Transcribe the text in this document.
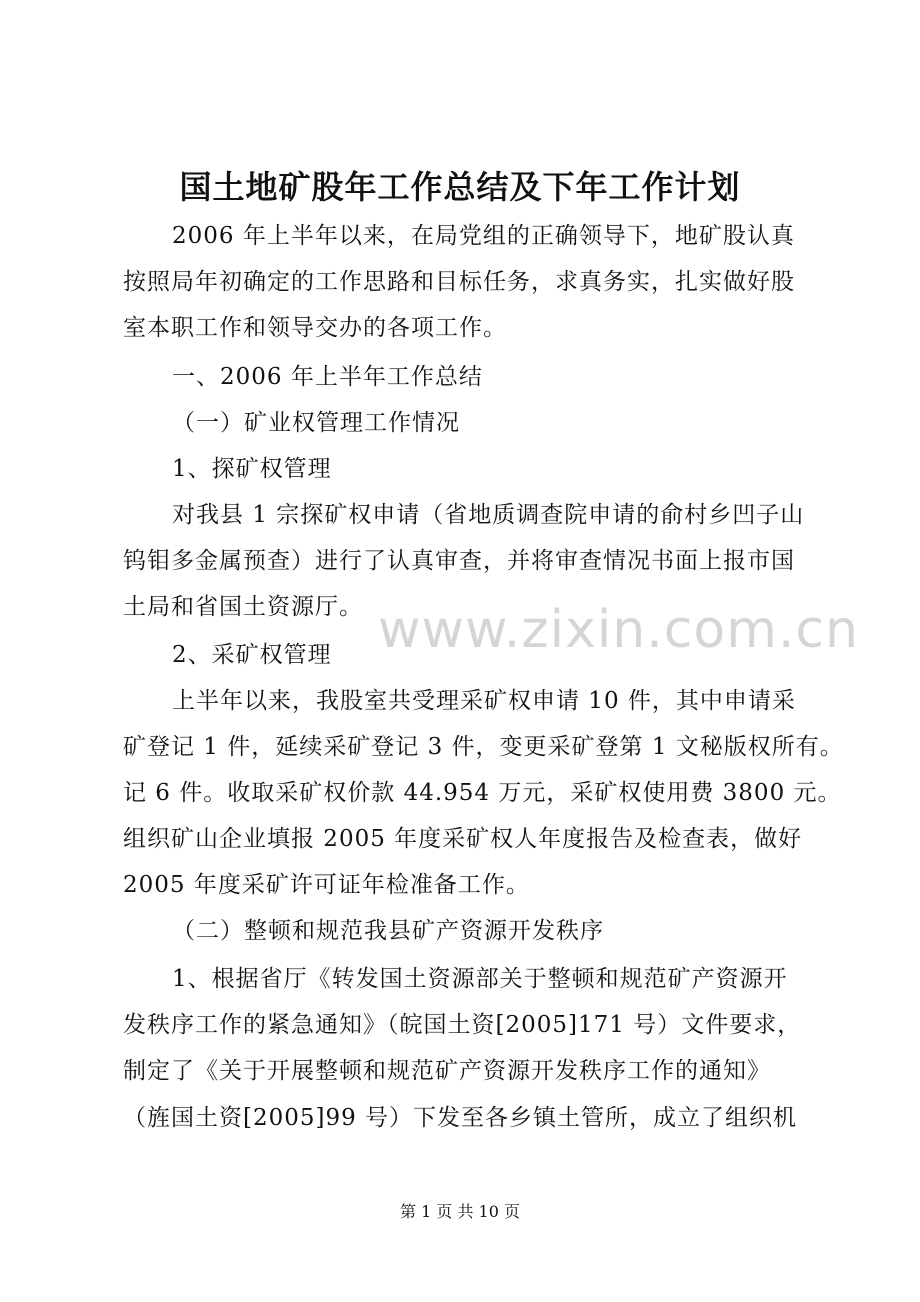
国土地矿股年工作总结及下年工作计划
2006 年上半年以来，在局党组的正确领导下，地矿股认真
按照局年初确定的工作思路和目标任务，求真务实，扎实做好股
室本职工作和领导交办的各项工作。
一、2006 年上半年工作总结
（一）矿业权管理工作情况
1、探矿权管理
对我县 1 宗探矿权申请（省地质调查院申请的俞村乡凹子山
钨钼多金属预查）进行了认真审查，并将审查情况书面上报市国
土局和省国土资源厅。
2、采矿权管理
上半年以来，我股室共受理采矿权申请 10 件，其中申请采
矿登记 1 件，延续采矿登记 3 件，变更采矿登第 1 文秘版权所有。
记 6 件。收取采矿权价款 44.954 万元，采矿权使用费 3800 元。
组织矿山企业填报 2005 年度采矿权人年度报告及检查表，做好
2005 年度采矿许可证年检准备工作。
（二）整顿和规范我县矿产资源开发秩序
1、根据省厅《转发国土资源部关于整顿和规范矿产资源开
发秩序工作的紧急通知》（皖国土资[2005]171 号）文件要求，
制定了《关于开展整顿和规范矿产资源开发秩序工作的通知》
（旌国土资[2005]99 号）下发至各乡镇土管所，成立了组织机
www.zixin.com.cn
第 1 页 共 10 页
